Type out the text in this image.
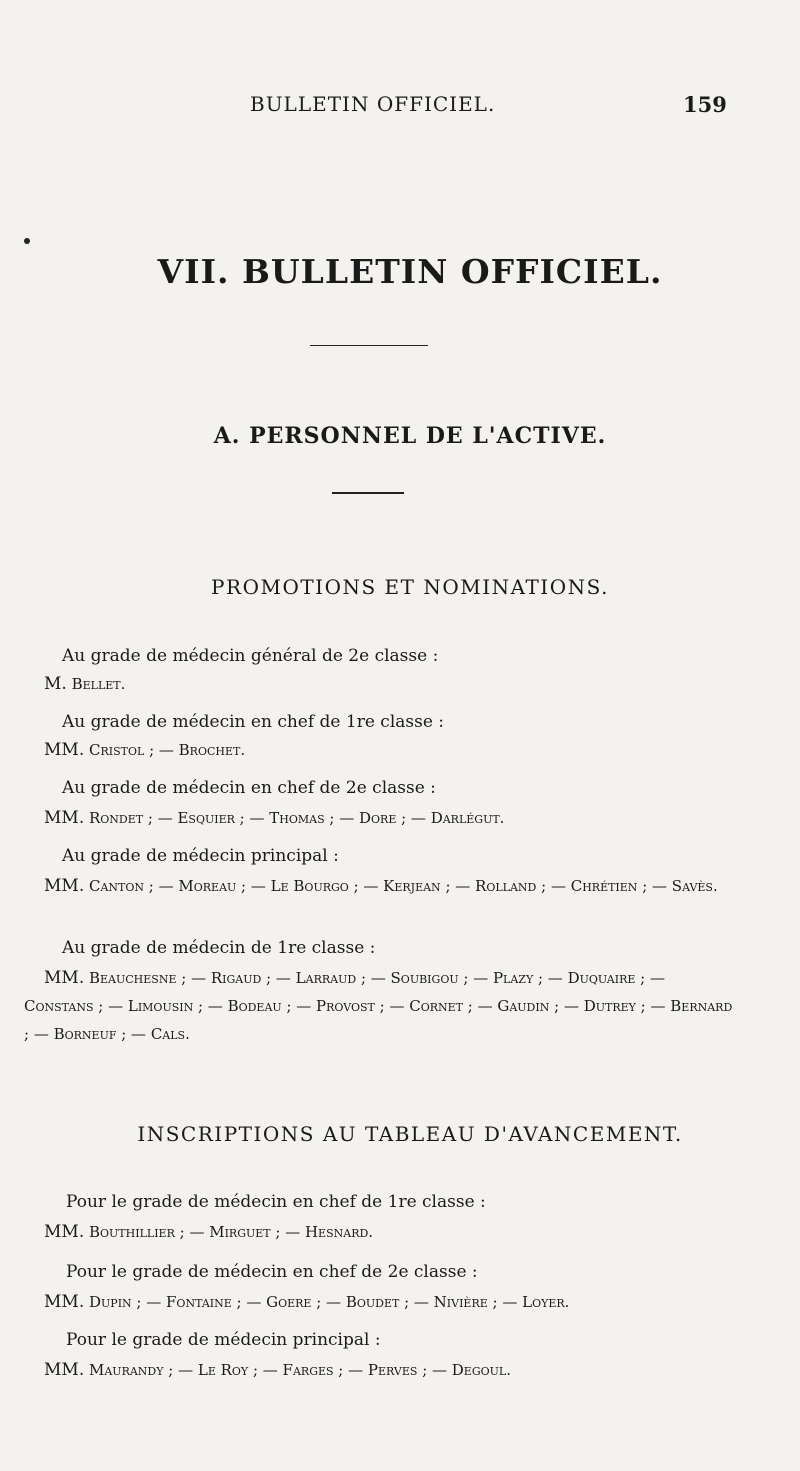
BULLETIN OFFICIEL.	159
VII. BULLETIN OFFICIEL.
A. PERSONNEL DE L'ACTIVE.
PROMOTIONS ET NOMINATIONS.
Au grade de médecin général de 2e classe :
M. Bellet.
Au grade de médecin en chef de 1re classe :
MM. Cristol ; — Brochet.
Au grade de médecin en chef de 2e classe :
MM. Rondet ; — Esquier ; — Thomas ; — Dore ; — Darlégut.
Au grade de médecin principal :
MM. Canton ; — Moreau ; — Le Bourgo ; — Kerjean ; — Rolland ; — Chrétien ; — Savès.
Au grade de médecin de 1re classe :
MM. Beauchesne ; — Rigaud ; — Larraud ; — Soubigou ; — Plazy ; — Duquaire ; — Constans ; — Limousin ; — Bodeau ; — Provost ; — Cornet ; — Gaudin ; — Dutrey ; — Bernard ; — Borneuf ; — Cals.
INSCRIPTIONS AU TABLEAU D'AVANCEMENT.
Pour le grade de médecin en chef de 1re classe :
MM. Bouthillier ; — Mirguet ; — Hesnard.
Pour le grade de médecin en chef de 2e classe :
MM. Dupin ; — Fontaine ; — Goere ; — Boudet ; — Nivière ; — Loyer.
Pour le grade de médecin principal :
MM. Maurandy ; — Le Roy ; — Farges ; — Perves ; — Degoul.
